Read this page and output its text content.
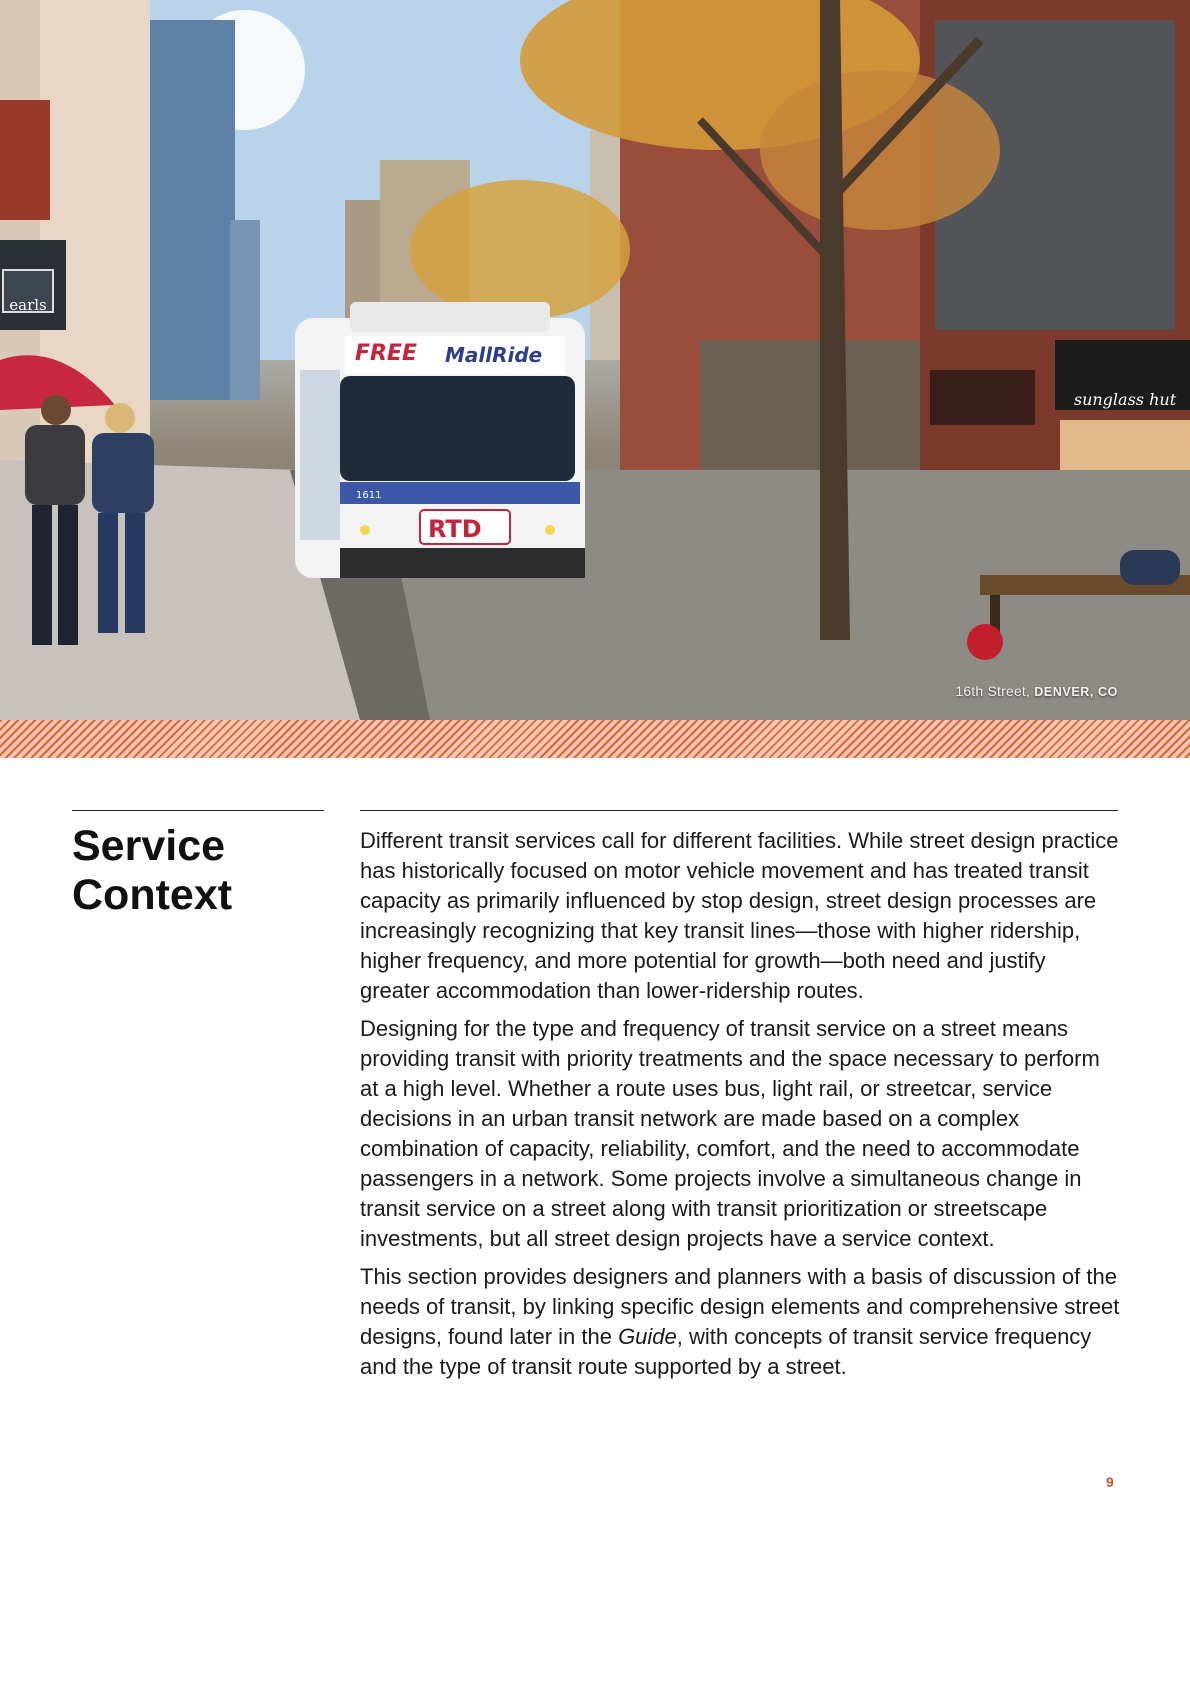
earls
sunglass hut
FREE MallRide
1611
RTD
16th Street, DENVER, CO
Service Context

Different transit services call for different facilities. While street design practice has historically focused on motor vehicle movement and has treated transit capacity as primarily influenced by stop design, street design processes are increasingly recognizing that key transit lines—those with higher ridership, higher frequency, and more potential for growth—both need and justify greater accommodation than lower-ridership routes.

Designing for the type and frequency of transit service on a street means providing transit with priority treatments and the space necessary to perform at a high level. Whether a route uses bus, light rail, or streetcar, service decisions in an urban transit network are made based on a complex combination of capacity, reliability, comfort, and the need to accommodate passengers in a network. Some projects involve a simultaneous change in transit service on a street along with transit prioritization or streetscape investments, but all street design projects have a service context.

This section provides designers and planners with a basis of discussion of the needs of transit, by linking specific design elements and comprehensive street designs, found later in the Guide, with concepts of transit service frequency and the type of transit route supported by a street.

9
